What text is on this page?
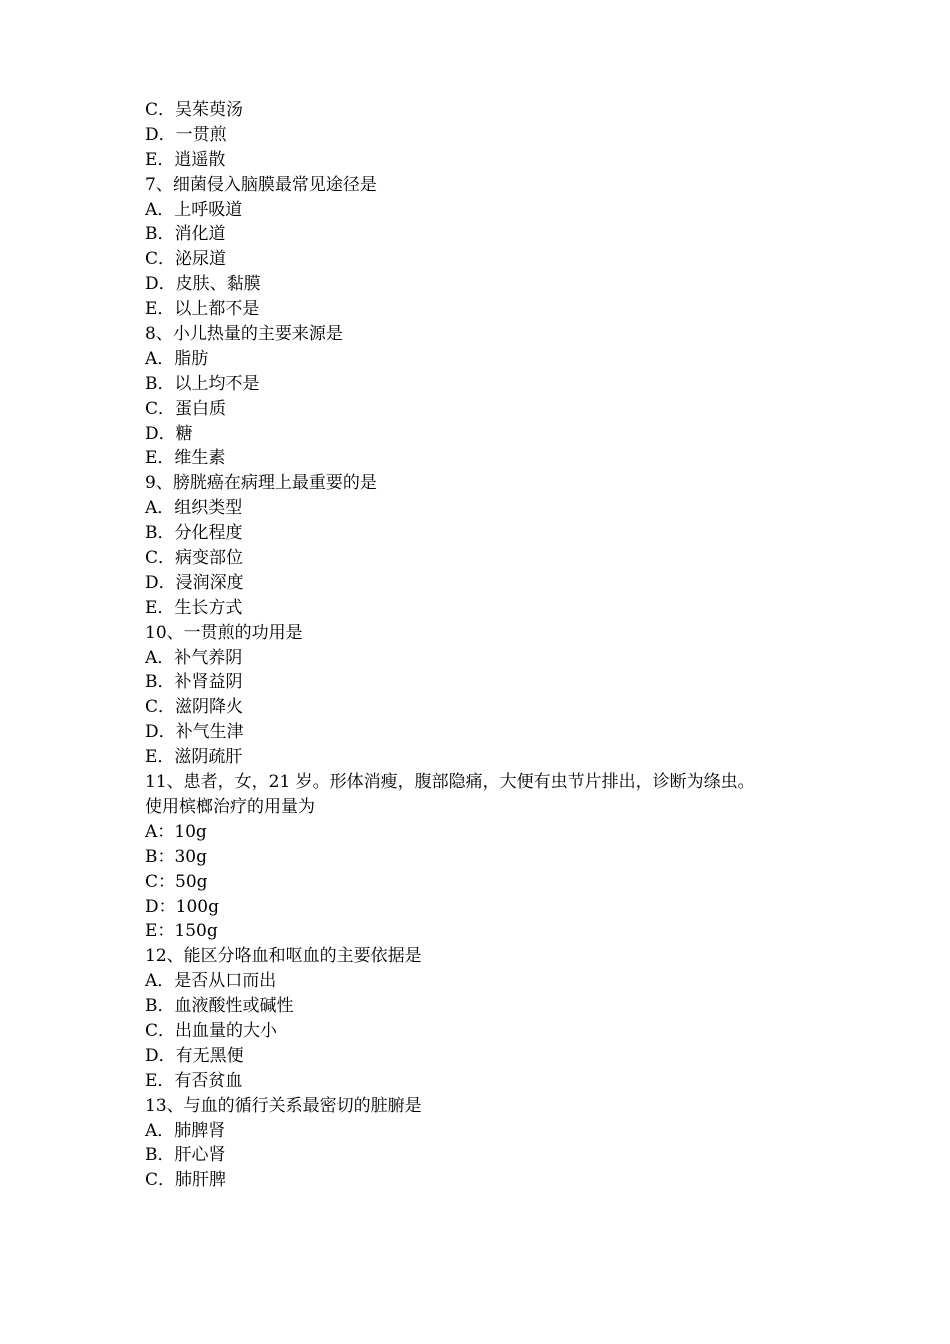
C．吴茱萸汤
D．一贯煎
E．逍遥散
7、细菌侵入脑膜最常见途径是
A．上呼吸道
B．消化道
C．泌尿道
D．皮肤、黏膜
E．以上都不是
8、小儿热量的主要来源是
A．脂肪
B．以上均不是
C．蛋白质
D．糖
E．维生素
9、膀胱癌在病理上最重要的是
A．组织类型
B．分化程度
C．病变部位
D．浸润深度
E．生长方式
10、一贯煎的功用是
A．补气养阴
B．补肾益阴
C．滋阴降火
D．补气生津
E．滋阴疏肝
11、患者，女，21 岁。形体消瘦，腹部隐痛，大便有虫节片排出，诊断为绦虫。
使用槟榔治疗的用量为
A：10g
B：30g
C：50g
D：100g
E：150g
12、能区分咯血和呕血的主要依据是
A．是否从口而出
B．血液酸性或碱性
C．出血量的大小
D．有无黑便
E．有否贫血
13、与血的循行关系最密切的脏腑是
A．肺脾肾
B．肝心肾
C．肺肝脾
